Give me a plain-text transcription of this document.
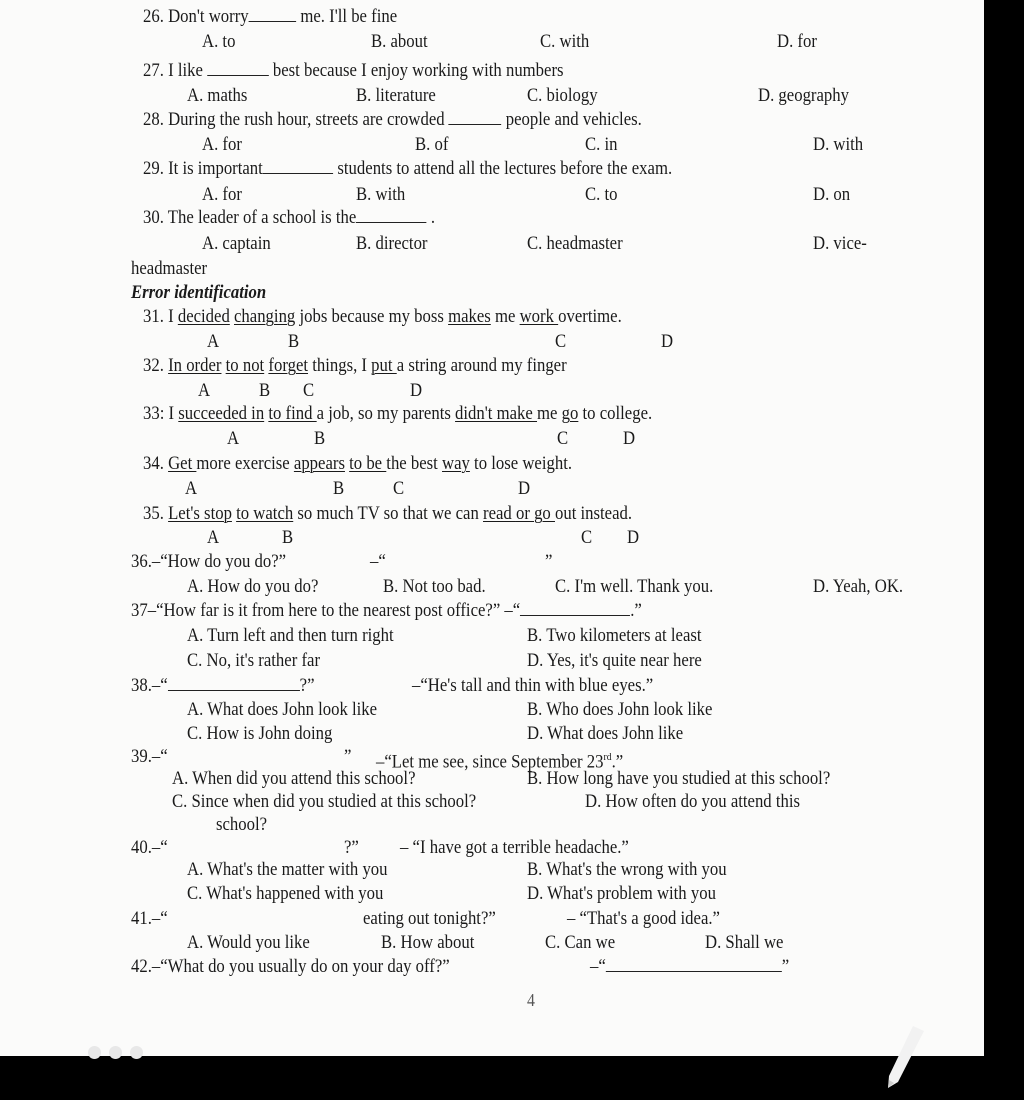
26. Don't worry	me. I'll be fine
A. to	B. about	C. with	D. for
27. I like	best because I enjoy working with numbers
A. maths	B. literature	C. biology	D. geography
28. During the rush hour, streets are crowded	people and vehicles.
A. for	B. of	C. in	D. with
29. It is important	students to attend all the lectures before the exam.
A. for	B. with	C. to	D. on
30. The leader of a school is the	.
A. captain	B. director	C. headmaster	D. vice-
headmaster
Error identification
31. I decided changing jobs because my boss makes me work overtime.
A	B	C	D
32. In order to not forget things, I put a string around my finger
A	B C	D
33: I succeeded in to find a job, so my parents didn't make me go to college.
A	B	C	D
34. Get more exercise appears to be the best way to lose weight.
A	B	C	D
35. Let's stop to watch so much TV so that we can read or go out instead.
A	B	C D
36.–“How do you do?”	–“	”
A. How do you do?	B. Not too bad.	C. I'm well. Thank you.	D. Yeah, OK.
37–“How far is it from here to the nearest post office?” –“	.”
A. Turn left and then turn right	B. Two kilometers at least
C. No, it's rather far	D. Yes, it's quite near here
38.–“	?”	–“He's tall and thin with blue eyes.”
A. What does John look like	B. Who does John look like
C. How is John doing	D. What does John like
39.–“	” –“Let me see, since September 23rd.”
A. When did you attend this school?	B. How long have you studied at this school?
C. Since when did you studied at this school?	D. How often do you attend this
school?
40.–“	?” – “I have got a terrible headache.”
A. What's the matter with you	B. What's the wrong with you
C. What's happened with you	D. What's problem with you
41.–“	eating out tonight?”	– “That's a good idea.”
A. Would you like	B. How about	C. Can we	D. Shall we
42.–“What do you usually do on your day off?”	–“	”
4
